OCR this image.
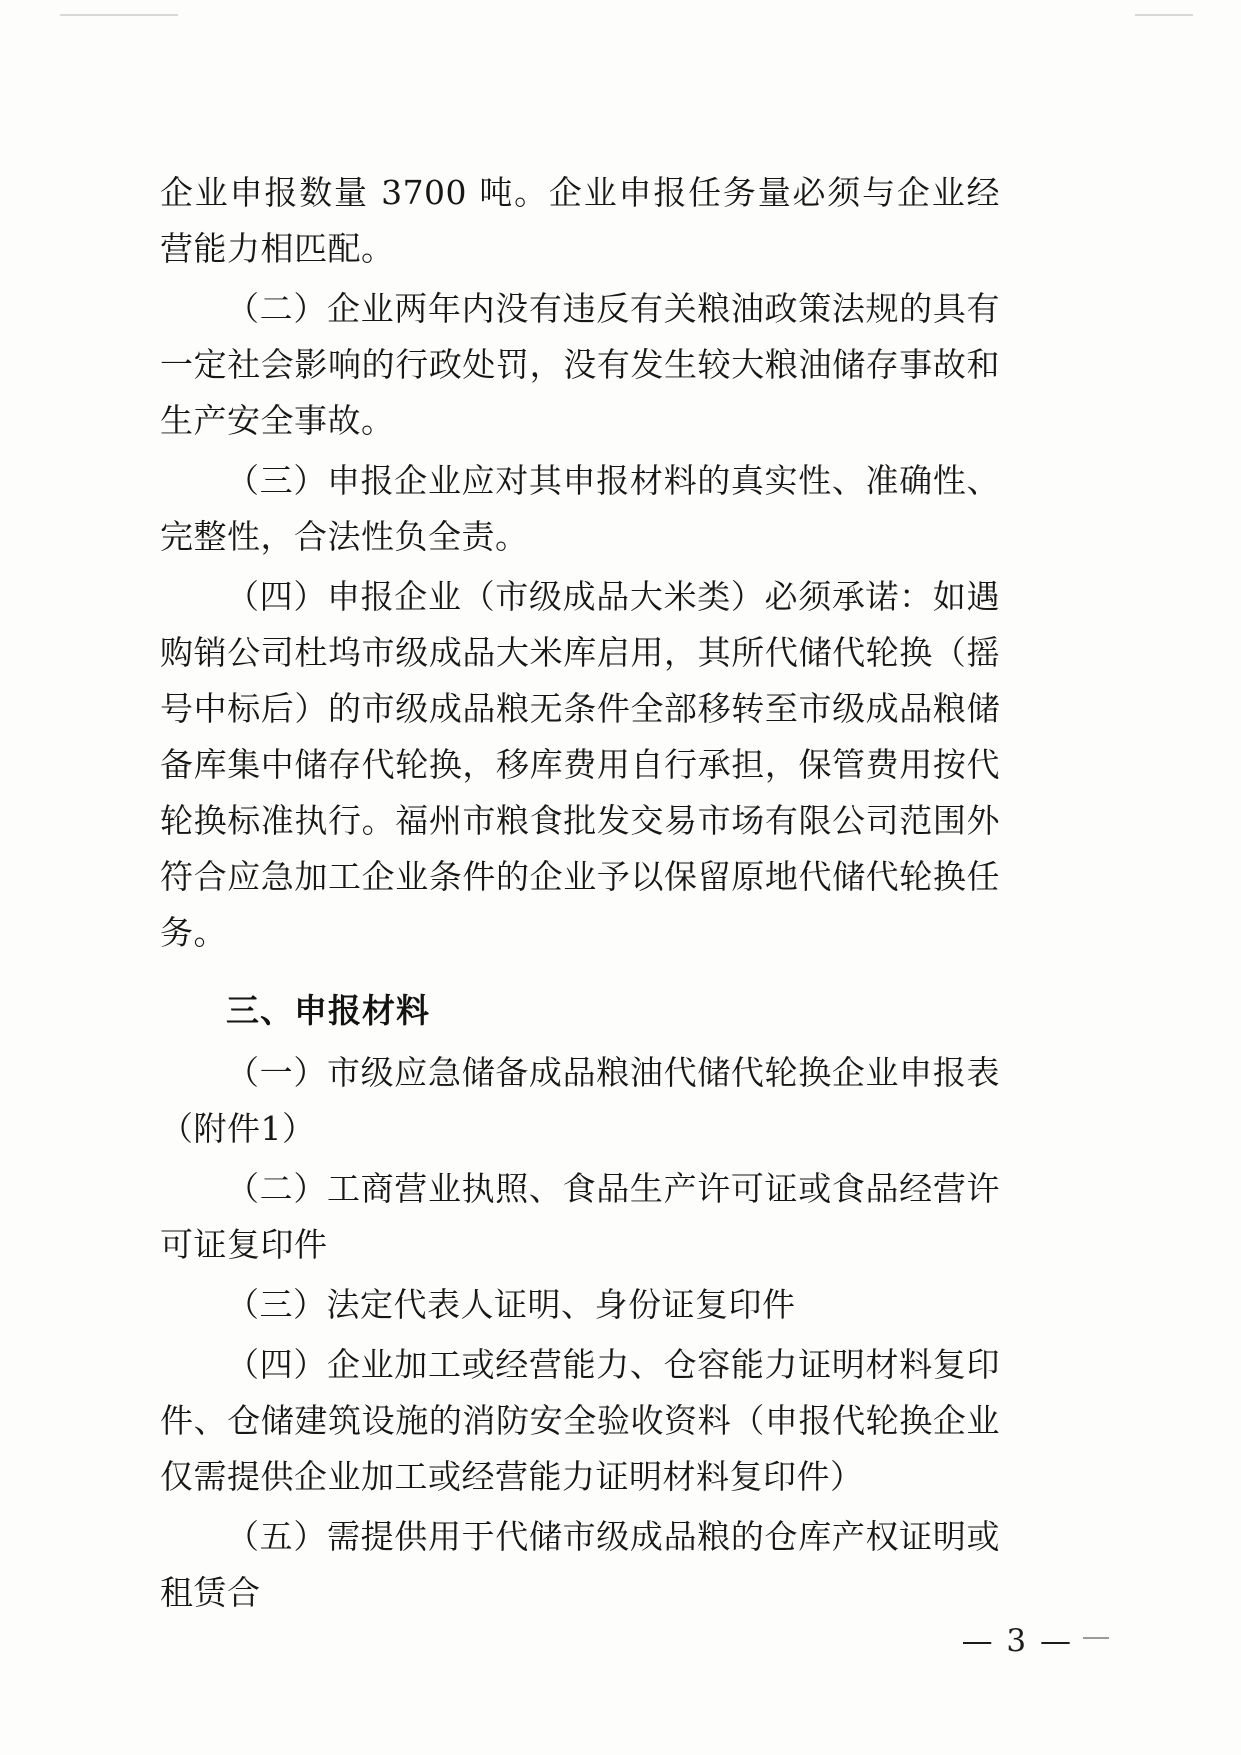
企业申报数量 3700 吨。企业申报任务量必须与企业经营能力相匹配。

（二）企业两年内没有违反有关粮油政策法规的具有一定社会影响的行政处罚，没有发生较大粮油储存事故和生产安全事故。

（三）申报企业应对其申报材料的真实性、准确性、完整性，合法性负全责。

（四）申报企业（市级成品大米类）必须承诺：如遇购销公司杜坞市级成品大米库启用，其所代储代轮换（摇号中标后）的市级成品粮无条件全部移转至市级成品粮储备库集中储存代轮换，移库费用自行承担，保管费用按代轮换标准执行。福州市粮食批发交易市场有限公司范围外符合应急加工企业条件的企业予以保留原地代储代轮换任务。

三、申报材料

（一）市级应急储备成品粮油代储代轮换企业申报表（附件1）

（二）工商营业执照、食品生产许可证或食品经营许可证复印件

（三）法定代表人证明、身份证复印件

（四）企业加工或经营能力、仓容能力证明材料复印件、仓储建筑设施的消防安全验收资料（申报代轮换企业仅需提供企业加工或经营能力证明材料复印件）

（五）需提供用于代储市级成品粮的仓库产权证明或租赁合

— 3 —
